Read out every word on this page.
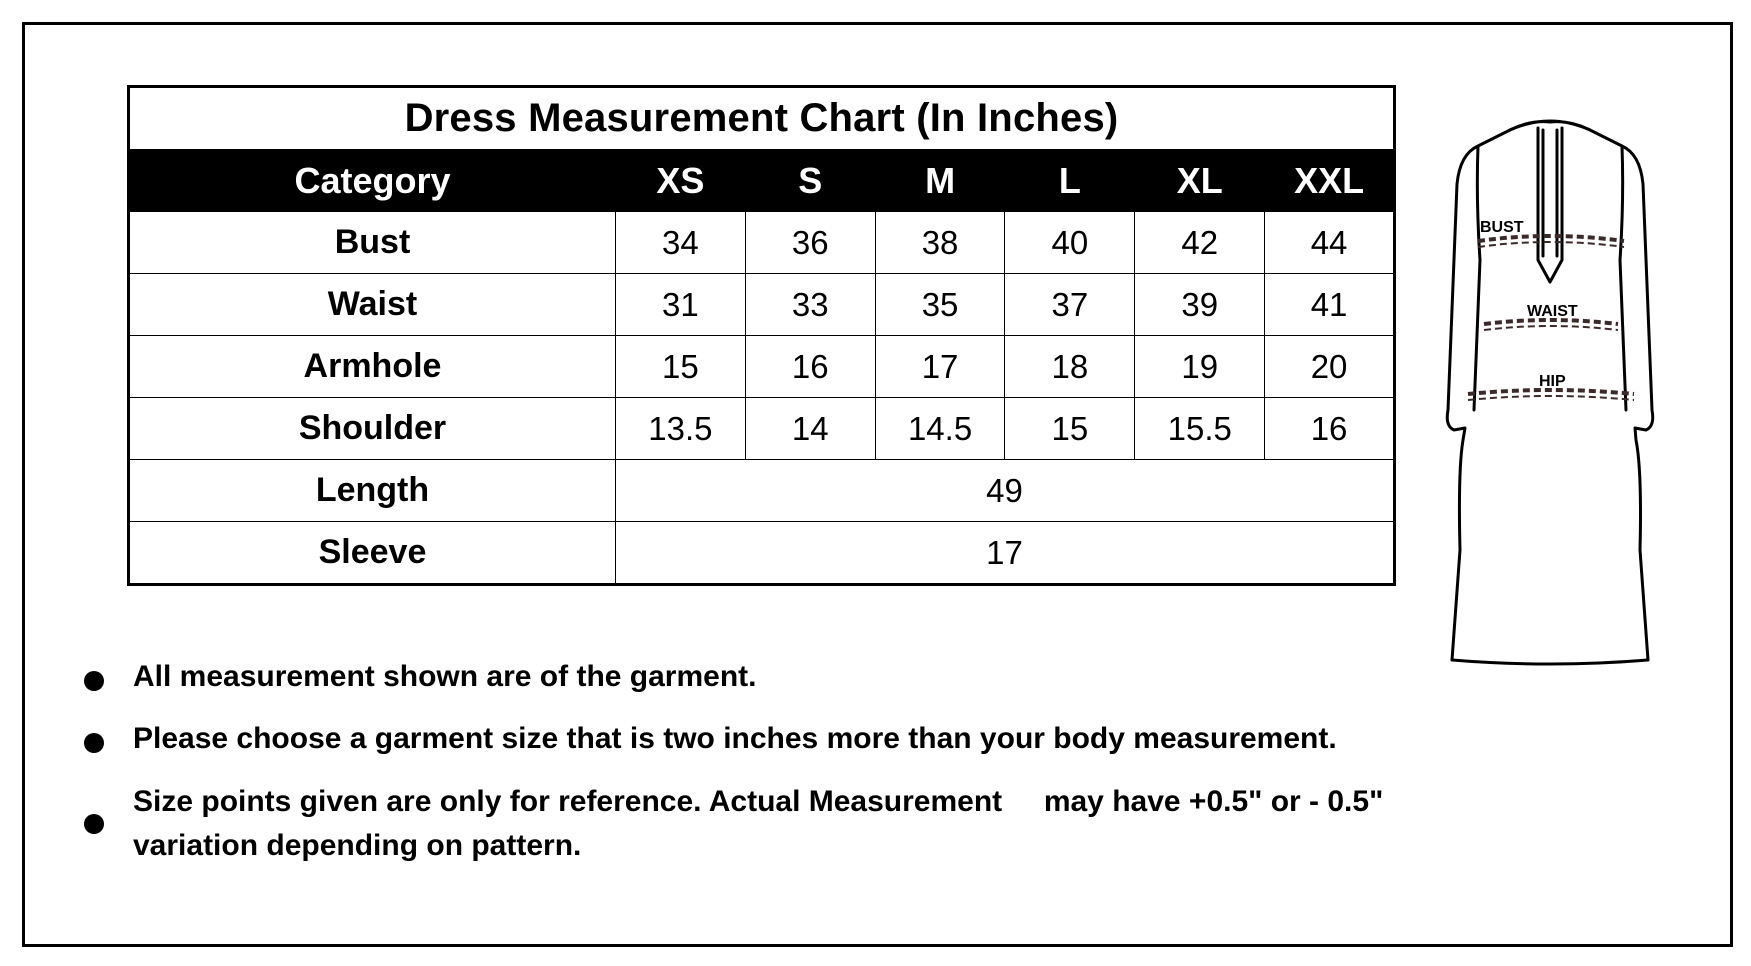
Dress Measurement Chart (In Inches)						
Category	XS	S	M	L	XL	XXL
Bust	34	36	38	40	42	44
Waist	31	33	35	37	39	41
Armhole	15	16	17	18	19	20
Shoulder	13.5	14	14.5	15	15.5	16
Length	49					
Sleeve	17					
All measurement shown are of the garment.
Please choose a garment size that is two inches more than your body measurement.
Size points given are only for reference. Actual Measurement     may have +0.5" or - 0.5" variation depending on pattern.
BUST
WAIST
HIP
